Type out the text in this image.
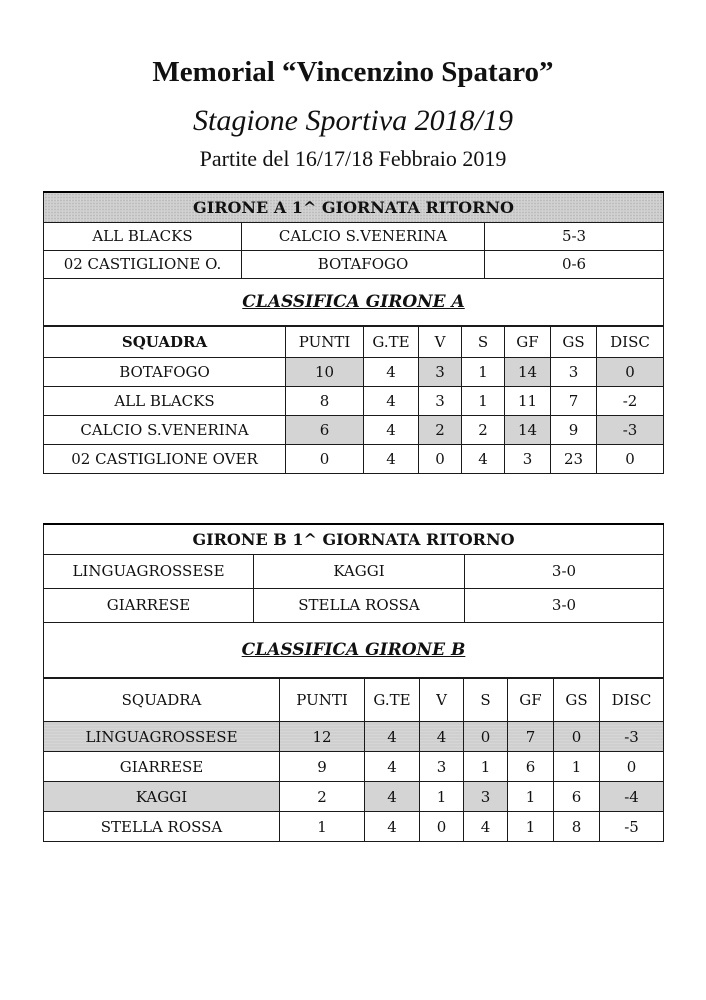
Memorial “Vincenzino Spataro”
Stagione Sportiva 2018/19
Partite del 16/17/18 Febbraio 2019
GIRONE A 1^ GIORNATA RITORNO		
ALL BLACKS	CALCIO S.VENERINA	5-3
02 CASTIGLIONE O.	BOTAFOGO	0-6
CLASSIFICA GIRONE A		
SQUADRA	PUNTI	G.TE	V	S	GF	GS	DISC
BOTAFOGO	10	4	3	1	14	3	0
ALL BLACKS	8	4	3	1	11	7	-2
CALCIO S.VENERINA	6	4	2	2	14	9	-3
02 CASTIGLIONE OVER	0	4	0	4	3	23	0
GIRONE B 1^ GIORNATA RITORNO		
LINGUAGROSSESE	KAGGI	3-0
GIARRESE	STELLA ROSSA	3-0
CLASSIFICA GIRONE B		
SQUADRA	PUNTI	G.TE	V	S	GF	GS	DISC
LINGUAGROSSESE	12	4	4	0	7	0	-3
GIARRESE	9	4	3	1	6	1	0
KAGGI	2	4	1	3	1	6	-4
STELLA ROSSA	1	4	0	4	1	8	-5
